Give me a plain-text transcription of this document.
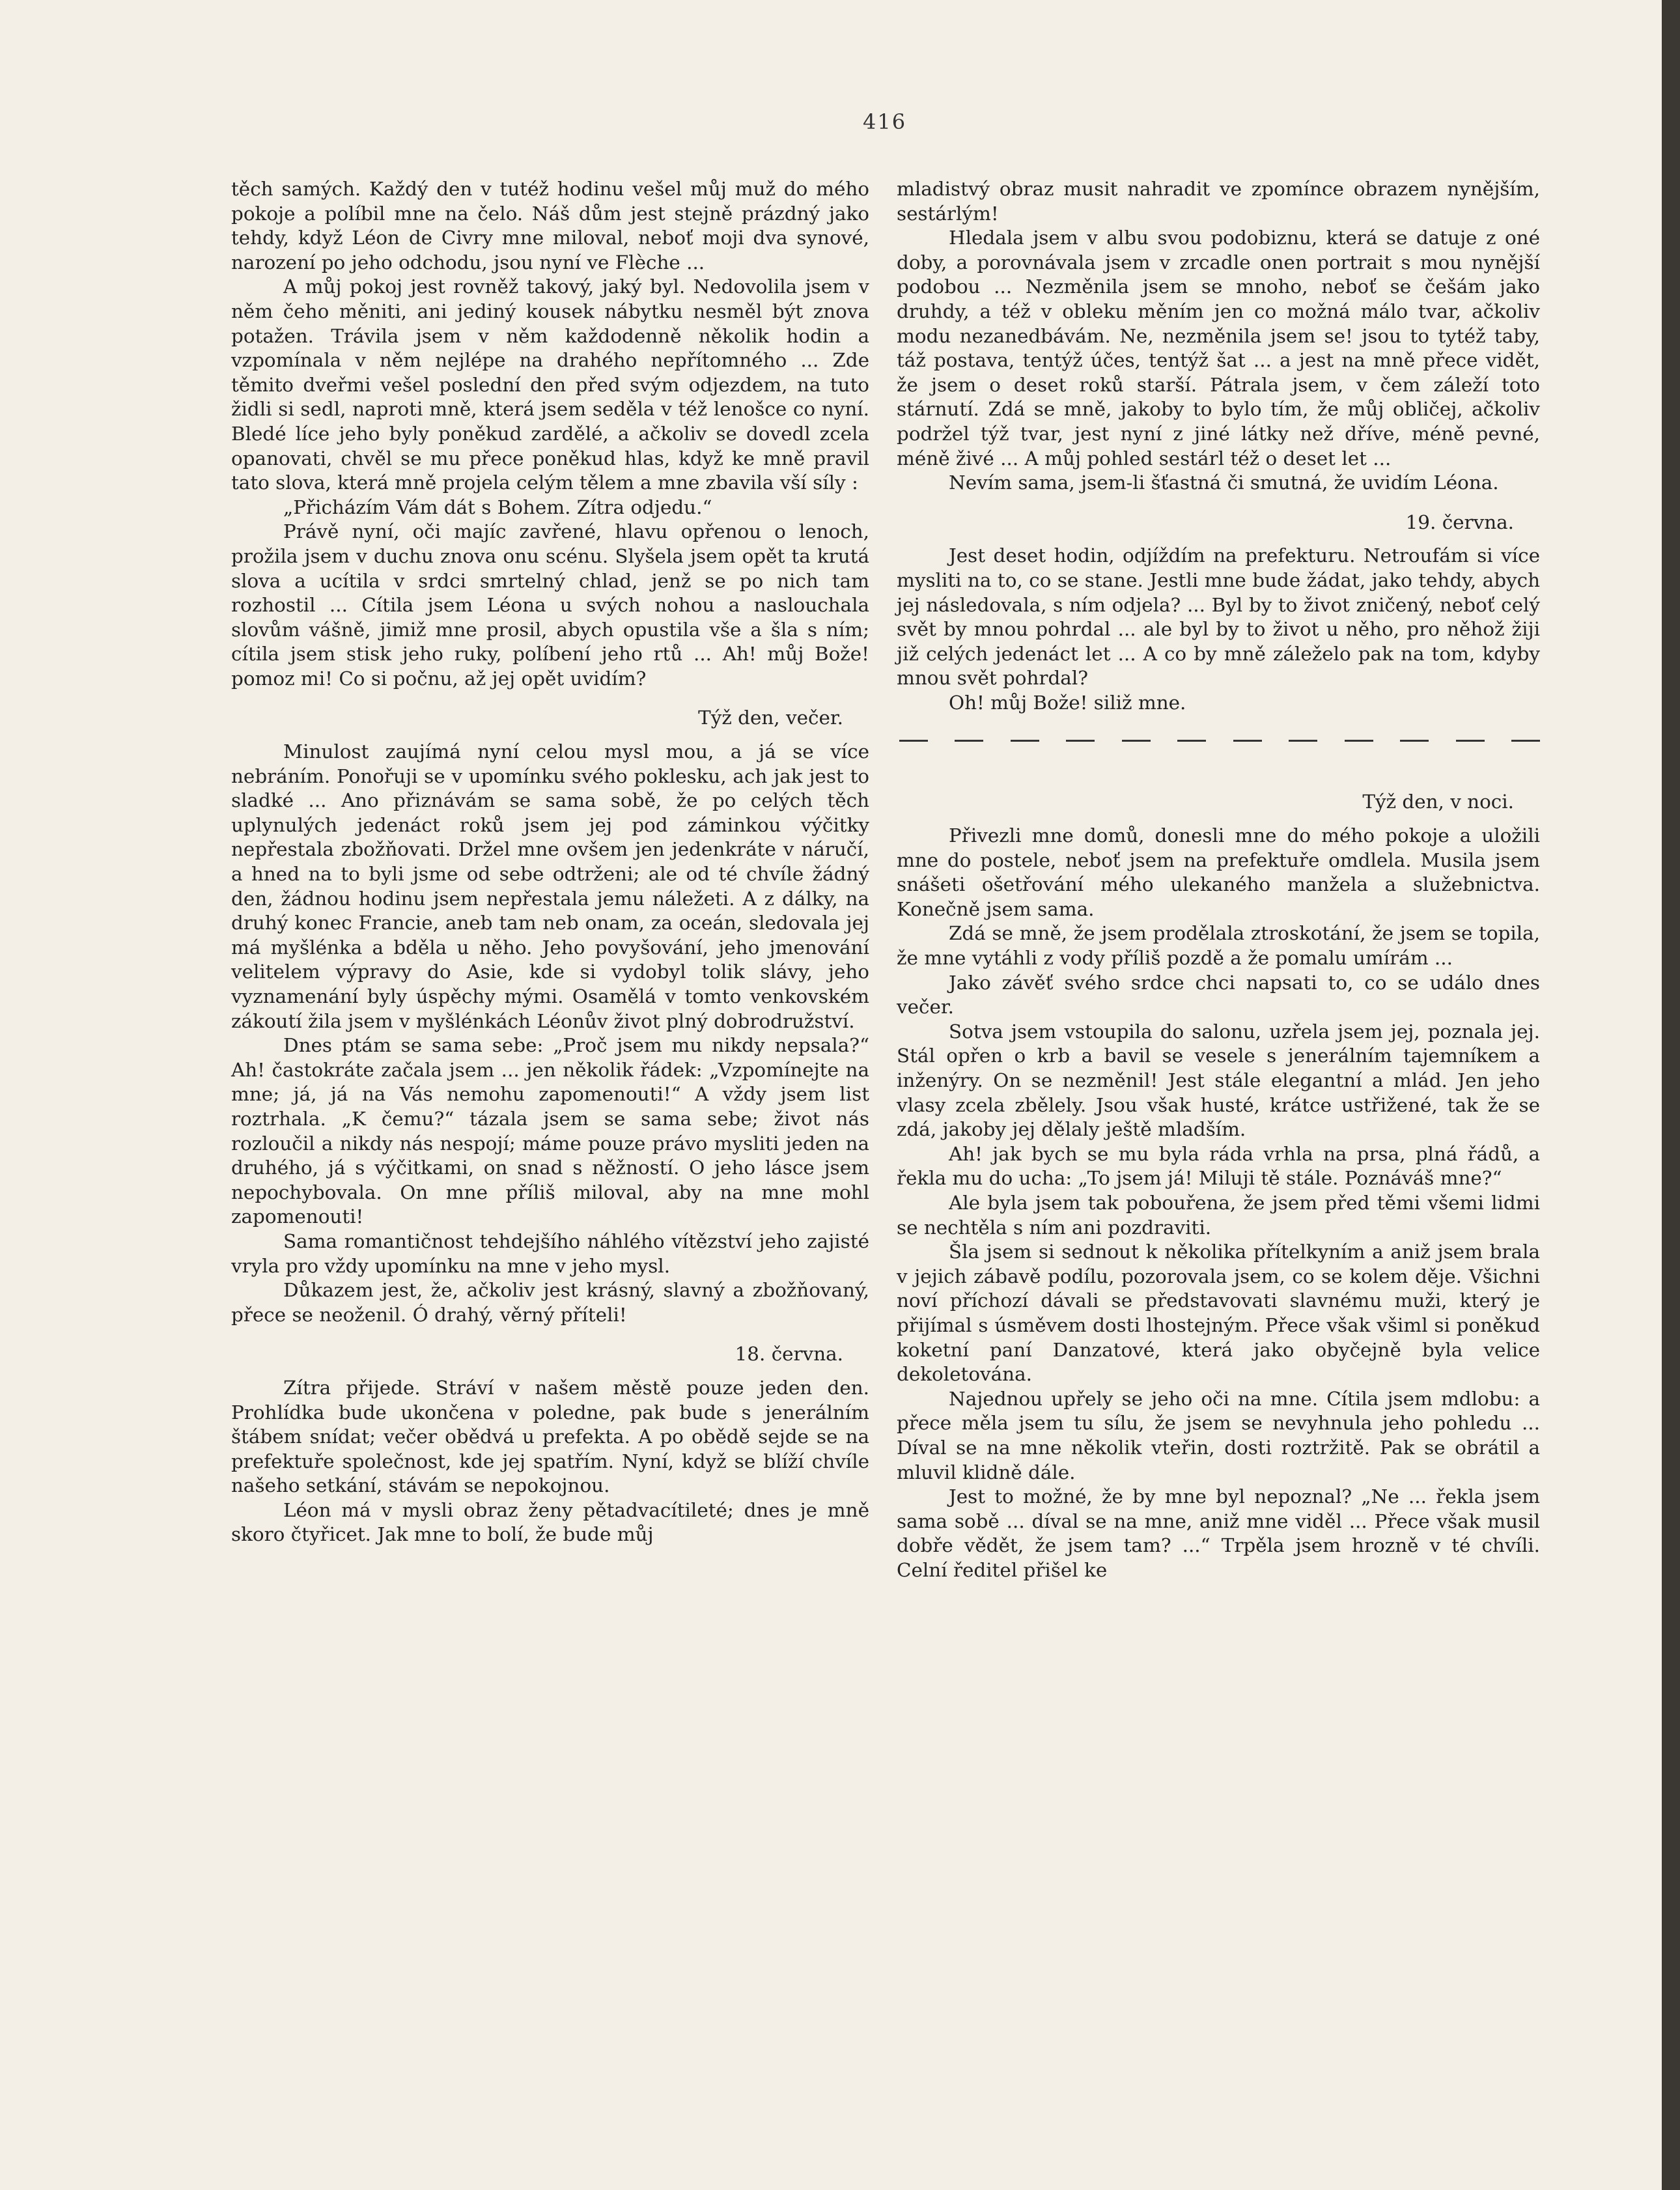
416

těch samých. Každý den v tutéž hodinu vešel můj muž do mého pokoje a políbil mne na čelo. Náš dům jest stejně prázdný jako tehdy, když Léon de Civry mne miloval, neboť moji dva synové, narození po jeho odchodu, jsou nyní ve Flèche ...

A můj pokoj jest rovněž takový, jaký byl. Nedovolila jsem v něm čeho měniti, ani jediný kousek nábytku nesměl být znova potažen. Trávila jsem v něm každodenně několik hodin a vzpomínala v něm nejlépe na drahého nepřítomného ... Zde těmito dveřmi vešel poslední den před svým odjezdem, na tuto židli si sedl, naproti mně, která jsem seděla v též lenošce co nyní. Bledé líce jeho byly poněkud zardělé, a ačkoliv se dovedl zcela opanovati, chvěl se mu přece poněkud hlas, když ke mně pravil tato slova, která mně projela celým tělem a mne zbavila vší síly :

„Přicházím Vám dát s Bohem. Zítra odjedu.“

Právě nyní, oči majíc zavřené, hlavu opřenou o lenoch, prožila jsem v duchu znova onu scénu. Slyšela jsem opět ta krutá slova a ucítila v srdci smrtelný chlad, jenž se po nich tam rozhostil ... Cítila jsem Léona u svých nohou a naslouchala slovům vášně, jimiž mne prosil, abych opustila vše a šla s ním; cítila jsem stisk jeho ruky, políbení jeho rtů ... Ah! můj Bože! pomoz mi! Co si počnu, až jej opět uvidím?

Týž den, večer.

Minulost zaujímá nyní celou mysl mou, a já se více nebráním. Ponořuji se v upomínku svého poklesku, ach jak jest to sladké ... Ano přiznávám se sama sobě, že po celých těch uplynulých jedenáct roků jsem jej pod záminkou výčitky nepřestala zbožňovati. Držel mne ovšem jen jedenkráte v náručí, a hned na to byli jsme od sebe odtrženi; ale od té chvíle žádný den, žádnou hodinu jsem nepřestala jemu náležeti. A z dálky, na druhý konec Francie, aneb tam neb onam, za oceán, sledovala jej má myšlénka a bděla u něho. Jeho povyšování, jeho jmenování velitelem výpravy do Asie, kde si vydobyl tolik slávy, jeho vyznamenání byly úspěchy mými. Osamělá v tomto venkovském zákoutí žila jsem v myšlénkách Léonův život plný dobrodružství.

Dnes ptám se sama sebe: „Proč jsem mu nikdy nepsala?“ Ah! častokráte začala jsem ... jen několik řádek: „Vzpomínejte na mne; já, já na Vás nemohu zapomenouti!“ A vždy jsem list roztrhala. „K čemu?“ tázala jsem se sama sebe; život nás rozloučil a nikdy nás nespojí; máme pouze právo mysliti jeden na druhého, já s výčitkami, on snad s něžností. O jeho lásce jsem nepochybovala. On mne příliš miloval, aby na mne mohl zapomenouti!

Sama romantičnost tehdejšího náhlého vítězství jeho zajisté vryla pro vždy upomínku na mne v jeho mysl.

Důkazem jest, že, ačkoliv jest krásný, slavný a zbožňovaný, přece se neoženil. Ó drahý, věrný příteli!

18. června.

Zítra přijede. Stráví v našem městě pouze jeden den. Prohlídka bude ukončena v poledne, pak bude s jenerálním štábem snídat; večer obědvá u prefekta. A po obědě sejde se na prefektuře společnost, kde jej spatřím. Nyní, když se blíží chvíle našeho setkání, stávám se nepokojnou.

Léon má v mysli obraz ženy pětadvacítileté; dnes je mně skoro čtyřicet. Jak mne to bolí, že bude můj

mladistvý obraz musit nahradit ve zpomínce obrazem nynějším, sestárlým!

Hledala jsem v albu svou podobiznu, která se datuje z oné doby, a porovnávala jsem v zrcadle onen portrait s mou nynější podobou ... Nezměnila jsem se mnoho, neboť se češám jako druhdy, a též v obleku měním jen co možná málo tvar, ačkoliv modu nezanedbávám. Ne, nezměnila jsem se! jsou to tytéž taby, táž postava, tentýž účes, tentýž šat ... a jest na mně přece vidět, že jsem o deset roků starší. Pátrala jsem, v čem záleží toto stárnutí. Zdá se mně, jakoby to bylo tím, že můj obličej, ačkoliv podržel týž tvar, jest nyní z jiné látky než dříve, méně pevné, méně živé ... A můj pohled sestárl též o deset let ...

Nevím sama, jsem-li šťastná či smutná, že uvidím Léona.

19. června.

Jest deset hodin, odjíždím na prefekturu. Netroufám si více mysliti na to, co se stane. Jestli mne bude žádat, jako tehdy, abych jej následovala, s ním odjela? ... Byl by to život zničený, neboť celý svět by mnou pohrdal ... ale byl by to život u něho, pro něhož žiji již celých jedenáct let ... A co by mně záleželo pak na tom, kdyby mnou svět pohrdal?

Oh! můj Bože! siliž mne.

Týž den, v noci.

Přivezli mne domů, donesli mne do mého pokoje a uložili mne do postele, neboť jsem na prefektuře omdlela. Musila jsem snášeti ošetřování mého ulekaného manžela a služebnictva. Konečně jsem sama.

Zdá se mně, že jsem prodělala ztroskotání, že jsem se topila, že mne vytáhli z vody příliš pozdě a že pomalu umírám ...

Jako závěť svého srdce chci napsati to, co se událo dnes večer.

Sotva jsem vstoupila do salonu, uzřela jsem jej, poznala jej. Stál opřen o krb a bavil se vesele s jenerálním tajemníkem a inženýry. On se nezměnil! Jest stále elegantní a mlád. Jen jeho vlasy zcela zbělely. Jsou však husté, krátce ustřižené, tak že se zdá, jakoby jej dělaly ještě mladším.

Ah! jak bych se mu byla ráda vrhla na prsa, plná řádů, a řekla mu do ucha: „To jsem já! Miluji tě stále. Poznáváš mne?“

Ale byla jsem tak pobouřena, že jsem před těmi všemi lidmi se nechtěla s ním ani pozdraviti.

Šla jsem si sednout k několika přítelkyním a aniž jsem brala v jejich zábavě podílu, pozorovala jsem, co se kolem děje. Všichni noví příchozí dávali se představovati slavnému muži, který je přijímal s úsměvem dosti lhostejným. Přece však všiml si poněkud koketní paní Danzatové, která jako obyčejně byla velice dekoletována.

Najednou upřely se jeho oči na mne. Cítila jsem mdlobu: a přece měla jsem tu sílu, že jsem se nevyhnula jeho pohledu ... Díval se na mne několik vteřin, dosti roztržitě. Pak se obrátil a mluvil klidně dále.

Jest to možné, že by mne byl nepoznal? „Ne ... řekla jsem sama sobě ... díval se na mne, aniž mne viděl ... Přece však musil dobře vědět, že jsem tam? ...“ Trpěla jsem hrozně v té chvíli. Celní ředitel přišel ke
